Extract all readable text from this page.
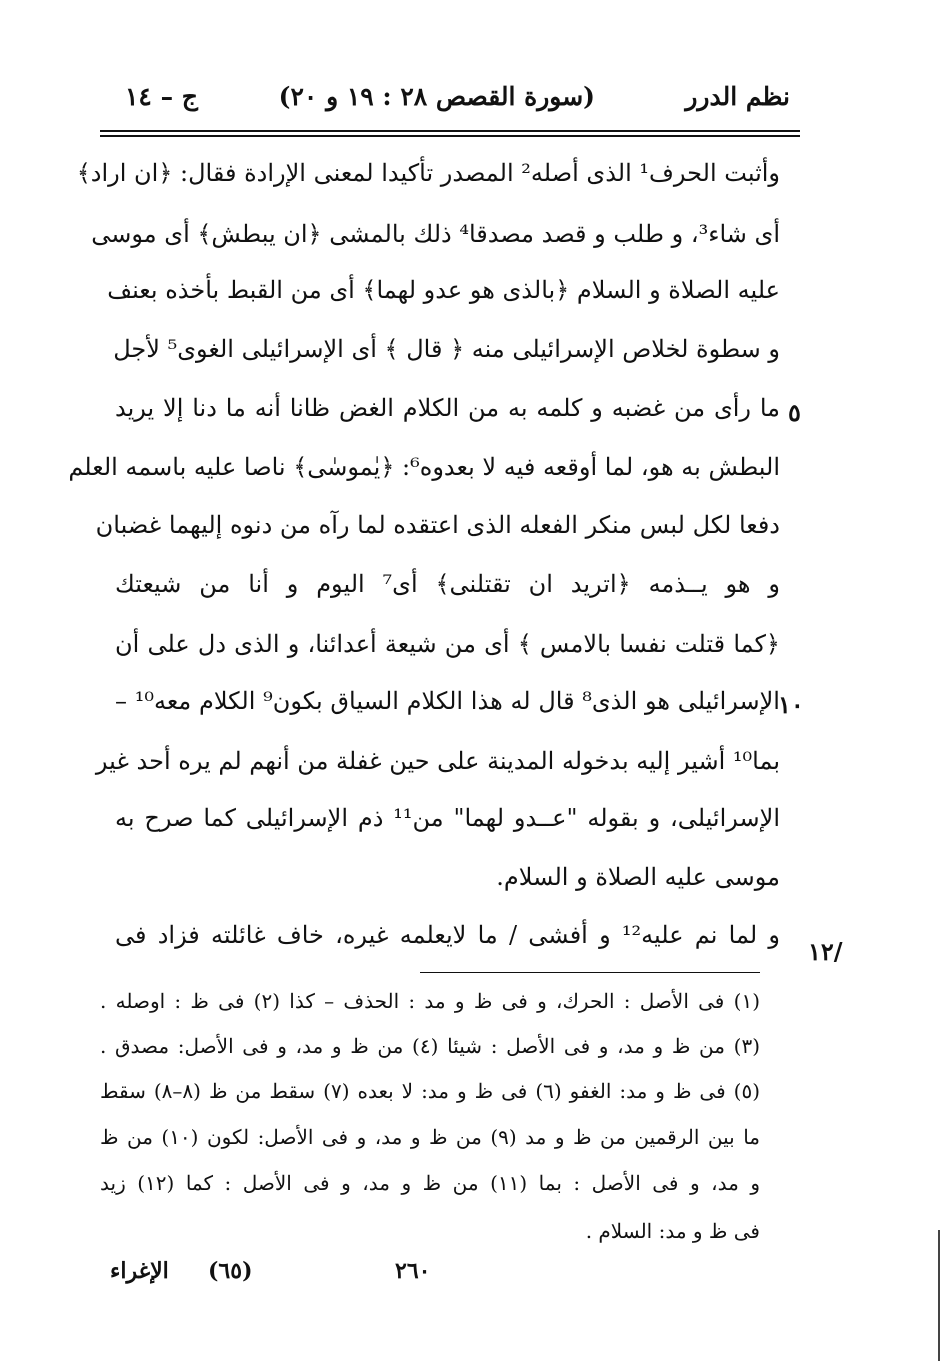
نظم الدرر
(سورة القصص ٢٨ : ١٩ و ٢٠)
ج – ١٤
وأثبت الحرف¹ الذى أصله² المصدر تأكيدا لمعنى الإرادة فقال: ﴿ان اراد﴾
أى شاء³، و طلب و قصد مصدقا⁴ ذلك بالمشى ﴿ان يبطش﴾ أى موسى
عليه الصلاة و السلام ﴿بالذى هو عدو لهما﴾ أى من القبط بأخذه بعنف
و سطوة لخلاص الإسرائيلى منه ﴿ قال ﴾ أى الإسرائيلى الغوى⁵ لأجل
ما رأى من غضبه و كلمه به من الكلام الغض ظانا أنه ما دنا إلا يريد
البطش به هو، لما أوقعه فيه لا بعدوه⁶: ﴿يٰموسٰى﴾ ناصا عليه باسمه العلم
دفعا لكل لبس منكر الفعله الذى اعتقده لما رآه من دنوه إليهما غضبان
و هو يــذمه ﴿اتريد ان تقتلنى﴾ أى⁷ اليوم و أنا من شيعتك
﴿كما قتلت نفسا بالامس ﴾ أى من شيعة أعدائنا، و الذى دل على أن
الإسرائيلى هو الذى⁸ قال له هذا الكلام السياق بكون⁹ الكلام معه¹⁰ –
بما¹⁰ أشير إليه بدخوله المدينة على حين غفلة من أنهم لم يره أحد غير
الإسرائيلى، و بقوله "عــدو لهما" من¹¹ ذم الإسرائيلى كما صرح به
موسى عليه الصلاة و السلام.
و لما نم عليه¹² و أفشى / ما لايعلمه غيره، خاف غائلته فزاد فى
٥
١٠
١٢/
(١) فى الأصل : الحرك، و فى ظ و مد : الحذف – كذا (٢) فى ظ : اوصله .
(٣) من ظ و مد، و فى الأصل : شيئا (٤) من ظ و مد، و فى الأصل: مصدق .
(٥) فى ظ و مد: الغفو (٦) فى ظ و مد: لا بعده (٧) سقط من ظ (٨–٨) سقط
ما بين الرقمين من ظ و مد (٩) من ظ و مد، و فى الأصل: لكون (١٠) من ظ
و مد، و فى الأصل : بما (١١) من ظ و مد، و فى الأصل : كما (١٢) زيد
فى ظ و مد: السلام .
الإغراء (٦٥)	٢٦٠
